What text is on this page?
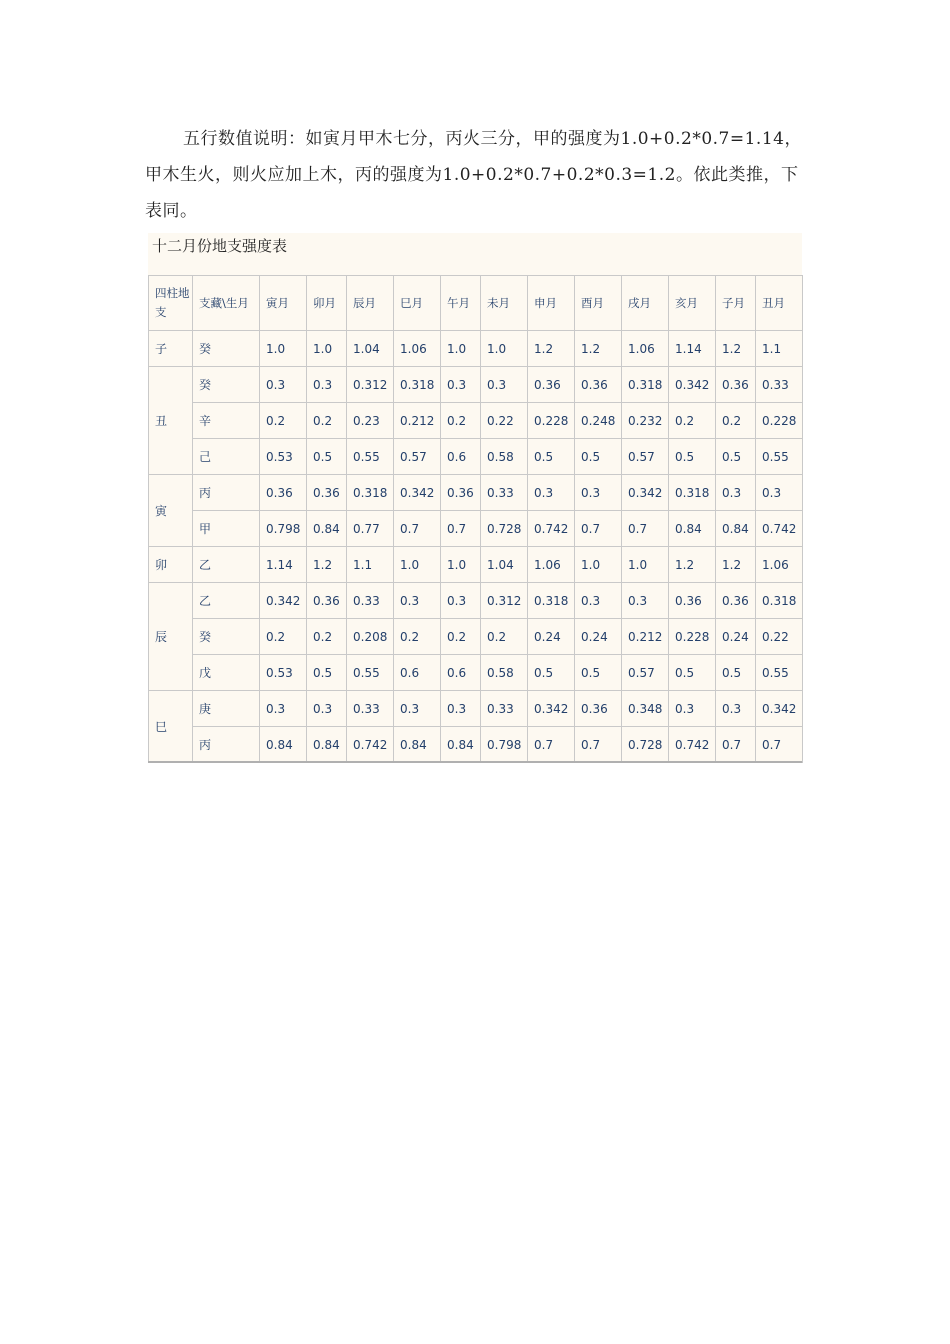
五行数值说明：如寅月甲木七分，丙火三分，甲的强度为1.0+0.2*0.7=1.14，甲木生火，则火应加上木，丙的强度为1.0+0.2*0.7+0.2*0.3=1.2。依此类推，下表同。

十二月份地支强度表
四柱地支	支藏\生月	寅月	卯月	辰月	巳月	午月	未月	申月	酉月	戌月	亥月	子月	丑月
子	癸	1.0	1.0	1.04	1.06	1.0	1.0	1.2	1.2	1.06	1.14	1.2	1.1
丑	癸	0.3	0.3	0.312	0.318	0.3	0.3	0.36	0.36	0.318	0.342	0.36	0.33
	辛	0.2	0.2	0.23	0.212	0.2	0.22	0.228	0.248	0.232	0.2	0.2	0.228
	己	0.53	0.5	0.55	0.57	0.6	0.58	0.5	0.5	0.57	0.5	0.5	0.55
寅	丙	0.36	0.36	0.318	0.342	0.36	0.33	0.3	0.3	0.342	0.318	0.3	0.3
	甲	0.798	0.84	0.77	0.7	0.7	0.728	0.742	0.7	0.7	0.84	0.84	0.742
卯	乙	1.14	1.2	1.1	1.0	1.0	1.04	1.06	1.0	1.0	1.2	1.2	1.06
辰	乙	0.342	0.36	0.33	0.3	0.3	0.312	0.318	0.3	0.3	0.36	0.36	0.318
	癸	0.2	0.2	0.208	0.2	0.2	0.2	0.24	0.24	0.212	0.228	0.24	0.22
	戊	0.53	0.5	0.55	0.6	0.6	0.58	0.5	0.5	0.57	0.5	0.5	0.55
巳	庚	0.3	0.3	0.33	0.3	0.3	0.33	0.342	0.36	0.348	0.3	0.3	0.342
	丙	0.84	0.84	0.742	0.84	0.84	0.798	0.7	0.7	0.728	0.742	0.7	0.7
